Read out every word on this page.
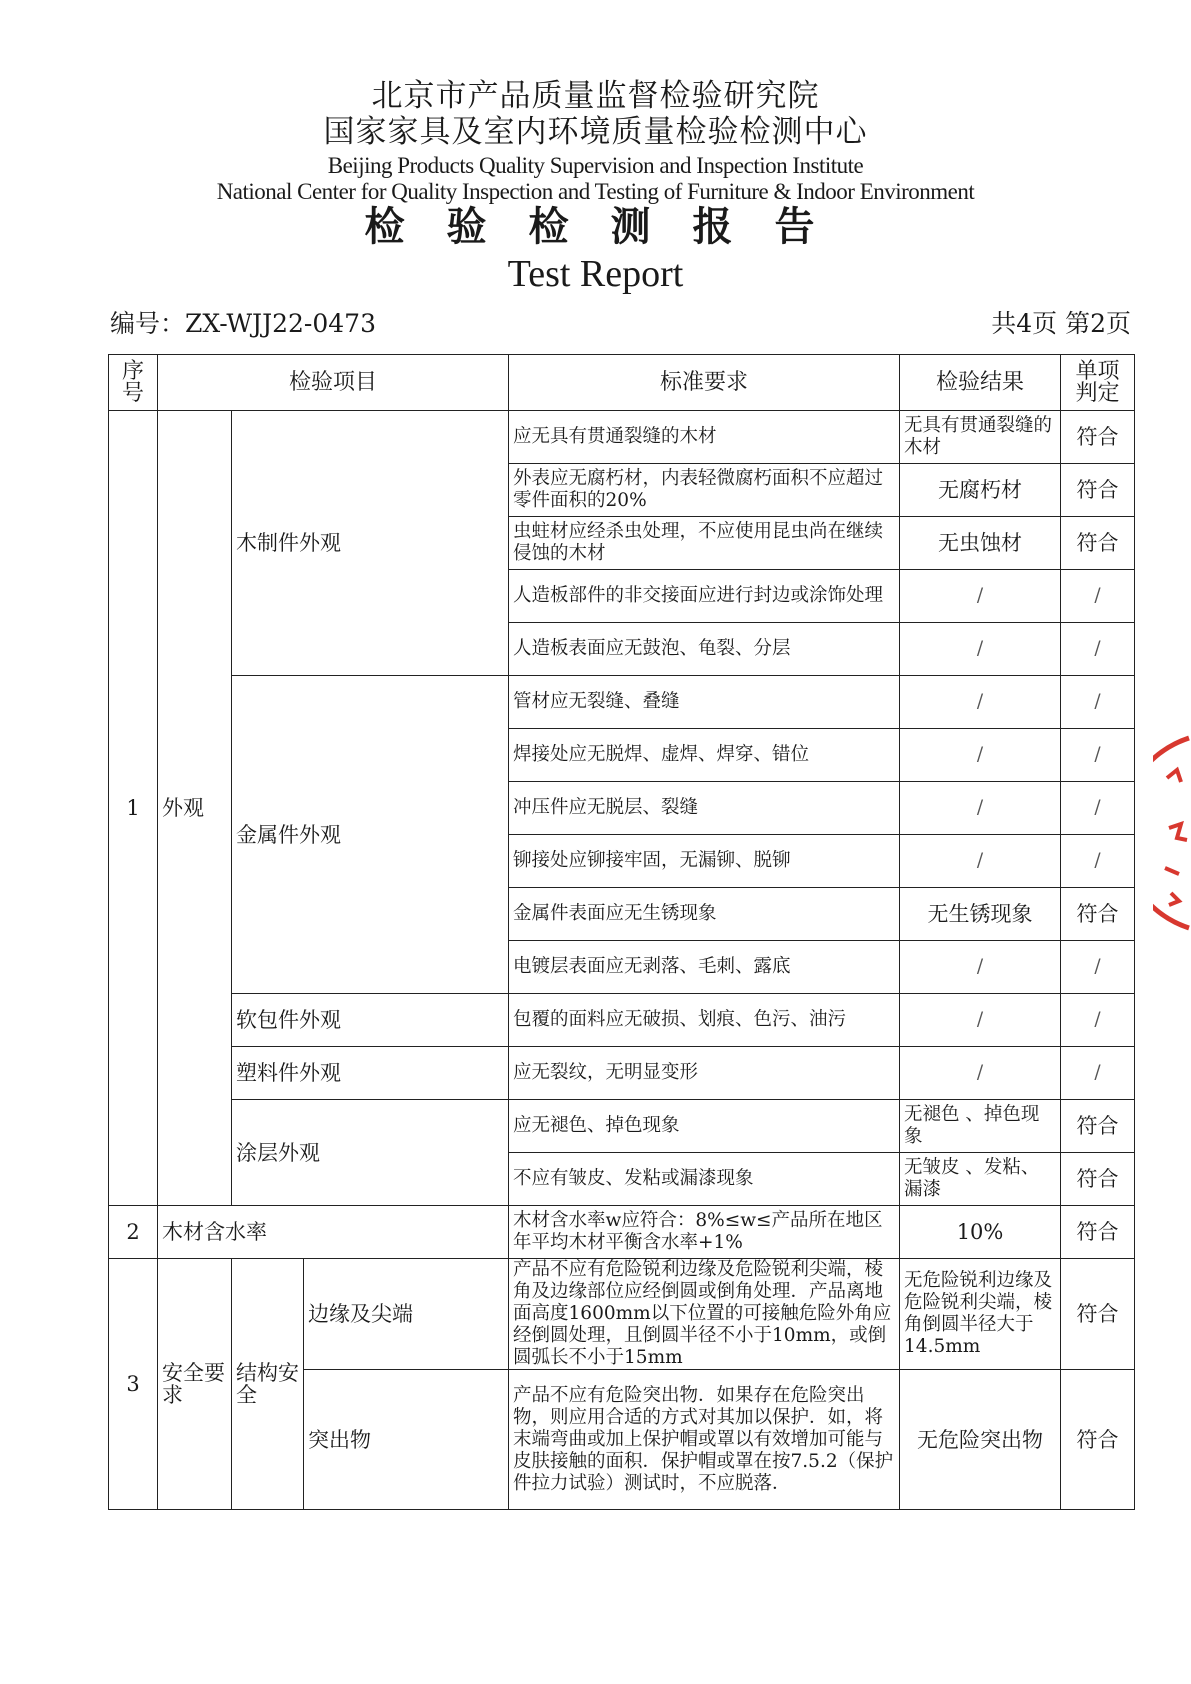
北京市产品质量监督检验研究院
国家家具及室内环境质量检验检测中心
Beijing Products Quality Supervision and Inspection Institute
National Center for Quality Inspection and Testing of Furniture & Indoor Environment
检验检测报告
Test Report
编号：ZX-WJJ22-0473	共4页 第2页
序号	检验项目			标准要求	检验结果	单项判定
1	外观	木制件外观		应无具有贯通裂缝的木材	无具有贯通裂缝的木材	符合
				外表应无腐朽材，内表轻微腐朽面积不应超过零件面积的20%	无腐朽材	符合
				虫蛀材应经杀虫处理，不应使用昆虫尚在继续侵蚀的木材	无虫蚀材	符合
				人造板部件的非交接面应进行封边或涂饰处理	/	/
				人造板表面应无鼓泡、龟裂、分层	/	/
		金属件外观		管材应无裂缝、叠缝	/	/
				焊接处应无脱焊、虚焊、焊穿、错位	/	/
				冲压件应无脱层、裂缝	/	/
				铆接处应铆接牢固，无漏铆、脱铆	/	/
				金属件表面应无生锈现象	无生锈现象	符合
				电镀层表面应无剥落、毛刺、露底	/	/
		软包件外观		包覆的面料应无破损、划痕、色污、油污	/	/
		塑料件外观		应无裂纹，无明显变形	/	/
		涂层外观		应无褪色、掉色现象	无褪色 、掉色现象	符合
				不应有皱皮、发粘或漏漆现象	无皱皮 、发粘、漏漆	符合
2	木材含水率			木材含水率w应符合：8%≤w≤产品所在地区年平均木材平衡含水率+1%	10%	符合
3	安全要求	结构安全	边缘及尖端	产品不应有危险锐利边缘及危险锐利尖端，棱角及边缘部位应经倒圆或倒角处理．产品离地面高度1600mm以下位置的可接触危险外角应经倒圆处理，且倒圆半径不小于10mm，或倒圆弧长不小于15mm	无危险锐利边缘及危险锐利尖端，棱角倒圆半径大于14.5mm	符合
			突出物	产品不应有危险突出物．如果存在危险突出物，则应用合适的方式对其加以保护．如，将末端弯曲或加上保护帽或罩以有效增加可能与皮肤接触的面积．保护帽或罩在按7.5.2（保护件拉力试验）测试时，不应脱落．	无危险突出物	符合
